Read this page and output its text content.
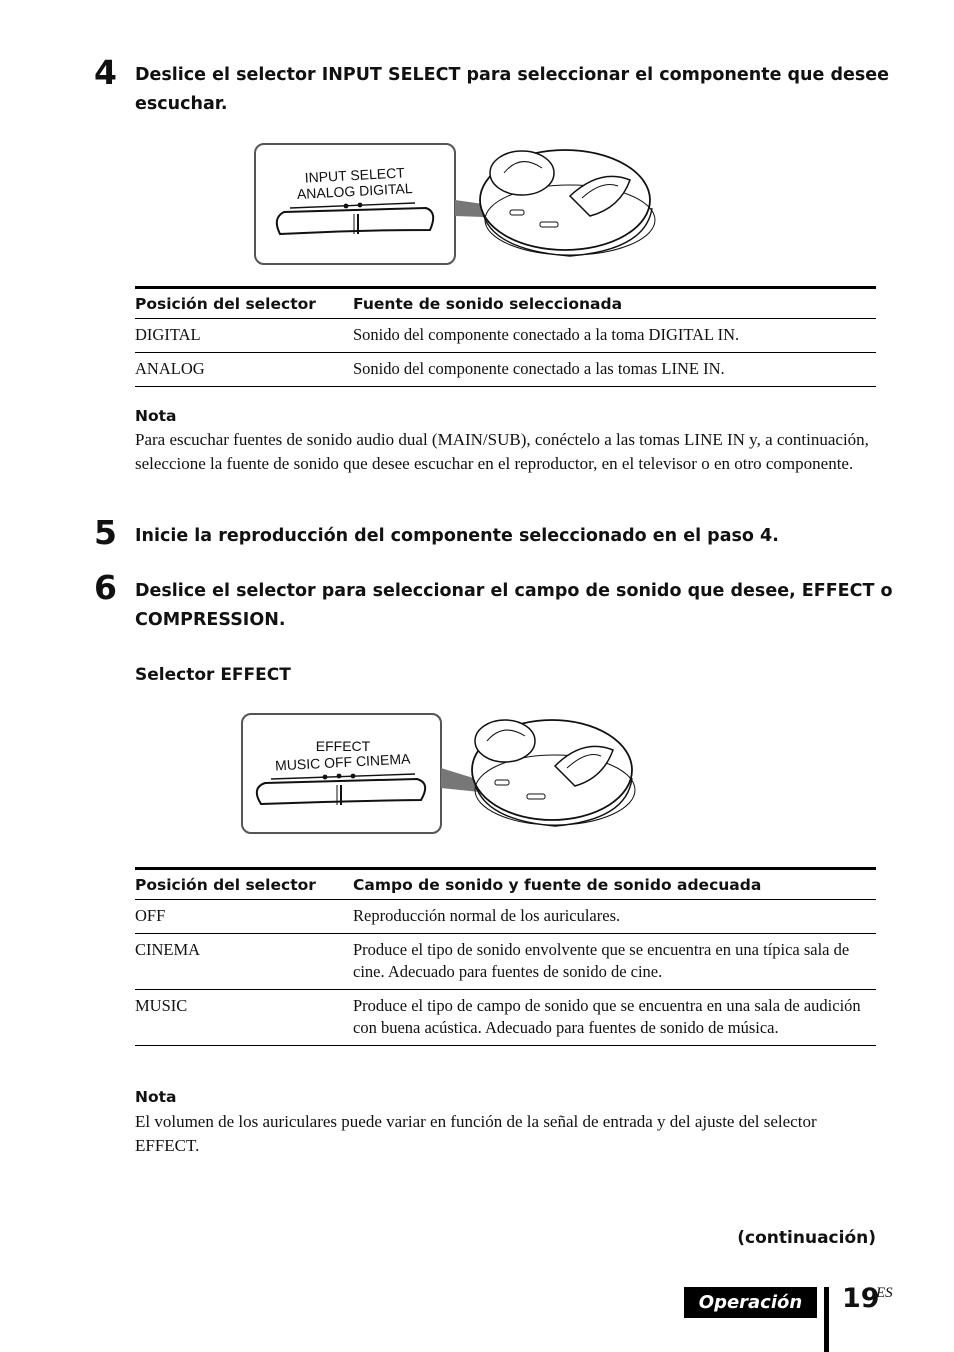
4 Deslice el selector INPUT SELECT para seleccionar el componente que desee escuchar.
INPUT SELECT
ANALOG DIGITAL
Posición del selector	Fuente de sonido seleccionada
DIGITAL	Sonido del componente conectado a la toma DIGITAL IN.
ANALOG	Sonido del componente conectado a las tomas LINE IN.
Nota
Para escuchar fuentes de sonido audio dual (MAIN/SUB), conéctelo a las tomas LINE IN y, a continuación, seleccione la fuente de sonido que desee escuchar en el reproductor, en el televisor o en otro componente.
5 Inicie la reproducción del componente seleccionado en el paso 4.
6 Deslice el selector para seleccionar el campo de sonido que desee, EFFECT o COMPRESSION.
Selector EFFECT
EFFECT
MUSIC OFF CINEMA
Posición del selector	Campo de sonido y fuente de sonido adecuada
OFF	Reproducción normal de los auriculares.
CINEMA	Produce el tipo de sonido envolvente que se encuentra en una típica sala de cine. Adecuado para fuentes de sonido de cine.
MUSIC	Produce el tipo de campo de sonido que se encuentra en una sala de audición con buena acústica. Adecuado para fuentes de sonido de música.
Nota
El volumen de los auriculares puede variar en función de la señal de entrada y del ajuste del selector EFFECT.
(continuación)
Operación	19
ES
